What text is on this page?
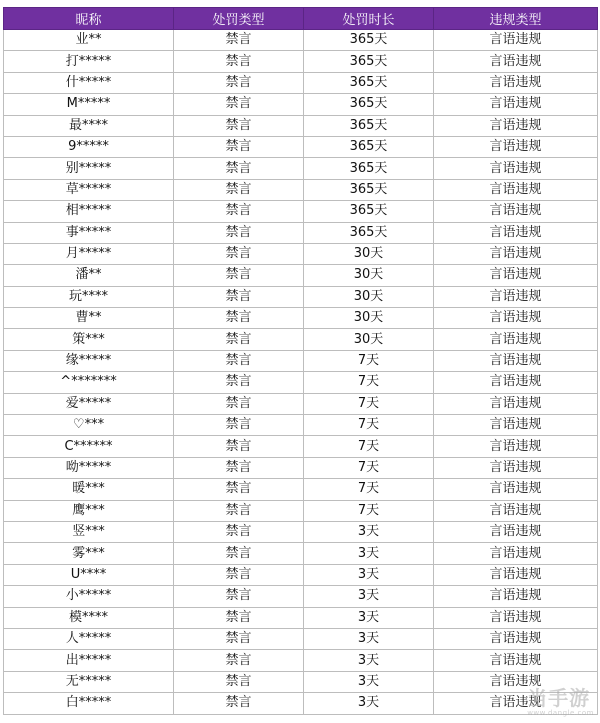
昵称	处罚类型	处罚时长	违规类型
业**	禁言	365天	言语违规
打*****	禁言	365天	言语违规
什*****	禁言	365天	言语违规
M*****	禁言	365天	言语违规
最****	禁言	365天	言语违规
9*****	禁言	365天	言语违规
别*****	禁言	365天	言语违规
草*****	禁言	365天	言语违规
相*****	禁言	365天	言语违规
事*****	禁言	365天	言语违规
月*****	禁言	30天	言语违规
潘**	禁言	30天	言语违规
玩****	禁言	30天	言语违规
曹**	禁言	30天	言语违规
策***	禁言	30天	言语违规
缘*****	禁言	7天	言语违规
^*******	禁言	7天	言语违规
爱*****	禁言	7天	言语违规
♡***	禁言	7天	言语违规
C******	禁言	7天	言语违规
呦*****	禁言	7天	言语违规
暖***	禁言	7天	言语违规
鹰***	禁言	7天	言语违规
竖***	禁言	3天	言语违规
雾***	禁言	3天	言语违规
U****	禁言	3天	言语违规
小*****	禁言	3天	言语违规
模****	禁言	3天	言语违规
人*****	禁言	3天	言语违规
出*****	禁言	3天	言语违规
无*****	禁言	3天	言语违规
白*****	禁言	3天	言语违规
当手游
www.dangle.com
